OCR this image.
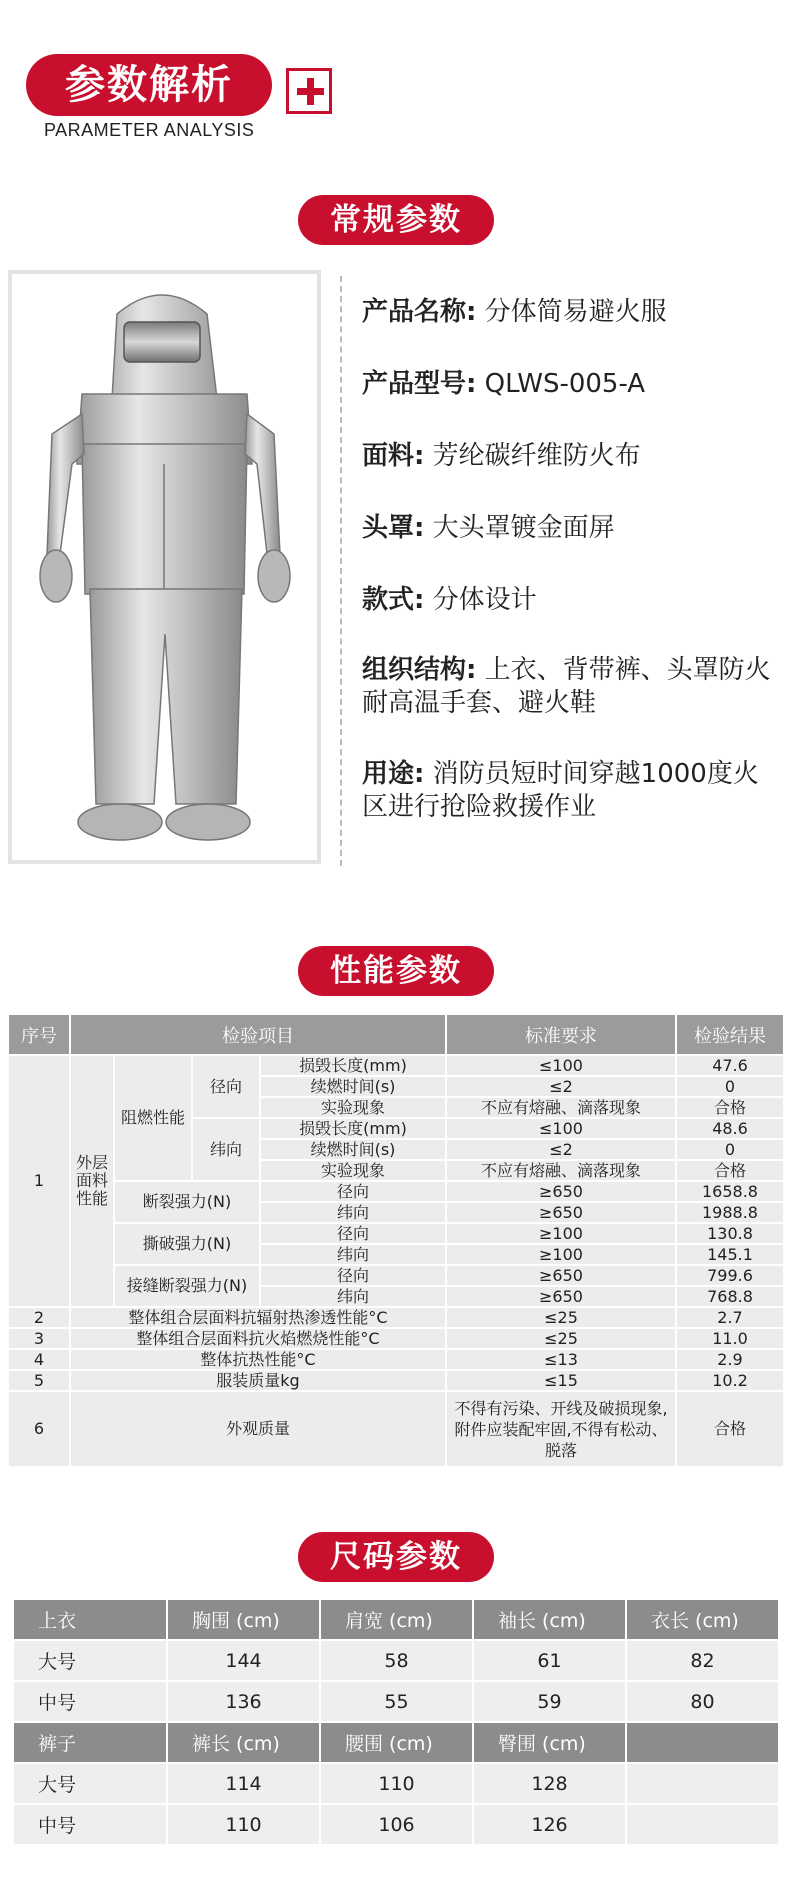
参数解析
PARAMETER ANALYSIS
常规参数
产品名称: 分体简易避火服
产品型号: QLWS-005-A
面料: 芳纶碳纤维防火布
头罩: 大头罩镀金面屏
款式: 分体设计
组织结构: 上衣、背带裤、头罩防火耐高温手套、避火鞋
用途: 消防员短时间穿越1000度火区进行抢险救援作业
性能参数
序号	检验项目				标准要求	检验结果
1	外层面料性能	阻燃性能	径向	损毁长度(mm)	≤100	47.6
				续燃时间(s)	≤2	0
				实验现象	不应有熔融、滴落现象	合格
			纬向	损毁长度(mm)	≤100	48.6
				续燃时间(s)	≤2	0
				实验现象	不应有熔融、滴落现象	合格
		断裂强力(N)		径向	≥650	1658.8
				纬向	≥650	1988.8
		撕破强力(N)		径向	≥100	130.8
				纬向	≥100	145.1
		接缝断裂强力(N)		径向	≥650	799.6
				纬向	≥650	768.8
2	整体组合层面料抗辐射热渗透性能°C				≤25	2.7
3	整体组合层面料抗火焰燃烧性能°C				≤25	11.0
4	整体抗热性能°C				≤13	2.9
5	服装质量kg				≤15	10.2
6	外观质量				不得有污染、开线及破损现象,附件应装配牢固,不得有松动、脱落	合格
尺码参数
上衣	胸围 (cm)	肩宽 (cm)	袖长 (cm)	衣长 (cm)
大号	144	58	61	82
中号	136	55	59	80
裤子	裤长 (cm)	腰围 (cm)	臀围 (cm)	
大号	114	110	128	
中号	110	106	126	
